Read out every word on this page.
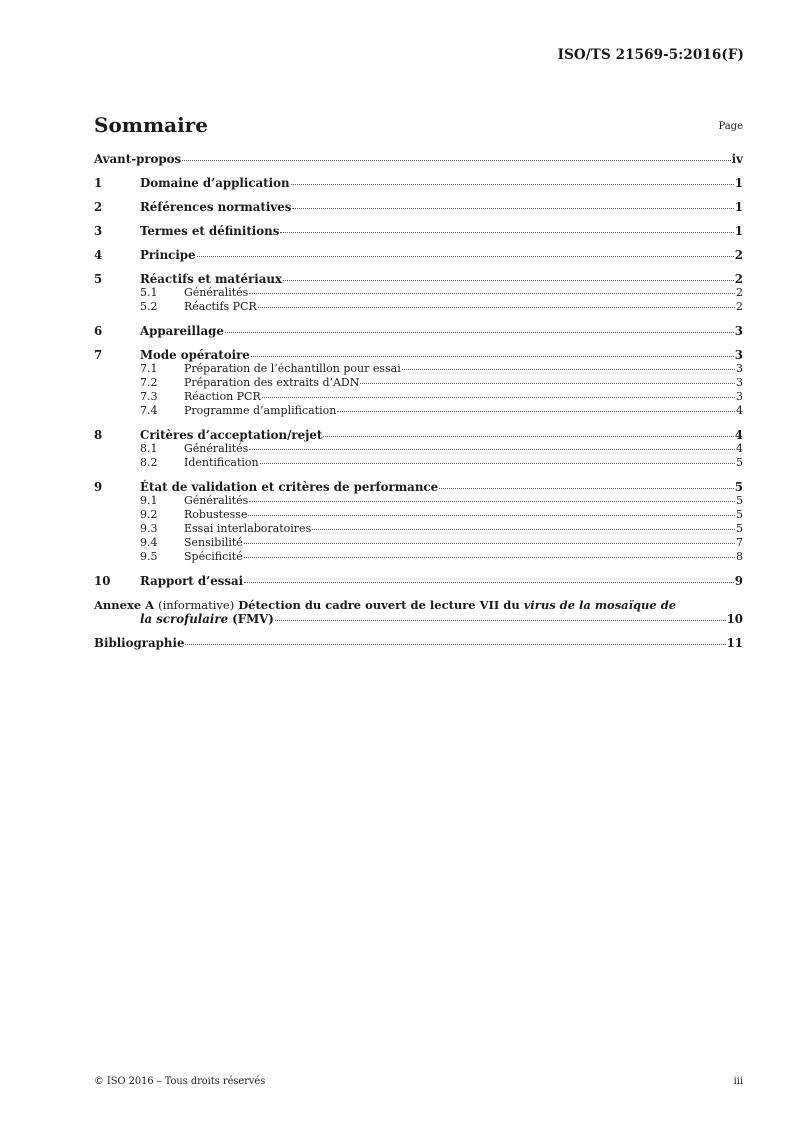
ISO/TS 21569-5:2016(F)
Sommaire	Page
Avant-propos	iv
1	Domaine d’application	1
2	Références normatives	1
3	Termes et définitions	1
4	Principe	2
5	Réactifs et matériaux	2
5.1	Généralités	2
5.2	Réactifs PCR	2
6	Appareillage	3
7	Mode opératoire	3
7.1	Préparation de l’échantillon pour essai	3
7.2	Préparation des extraits d’ADN	3
7.3	Réaction PCR	3
7.4	Programme d’amplification	4
8	Critères d’acceptation/rejet	4
8.1	Généralités	4
8.2	Identification	5
9	État de validation et critères de performance	5
9.1	Généralités	5
9.2	Robustesse	5
9.3	Essai interlaboratoires	5
9.4	Sensibilité	7
9.5	Spécificité	8
10	Rapport d’essai	9
Annexe A (informative) Détection du cadre ouvert de lecture VII du virus de la mosaïque de
la scrofulaire (FMV)	10
Bibliographie	11
© ISO 2016 – Tous droits réservés	iii
